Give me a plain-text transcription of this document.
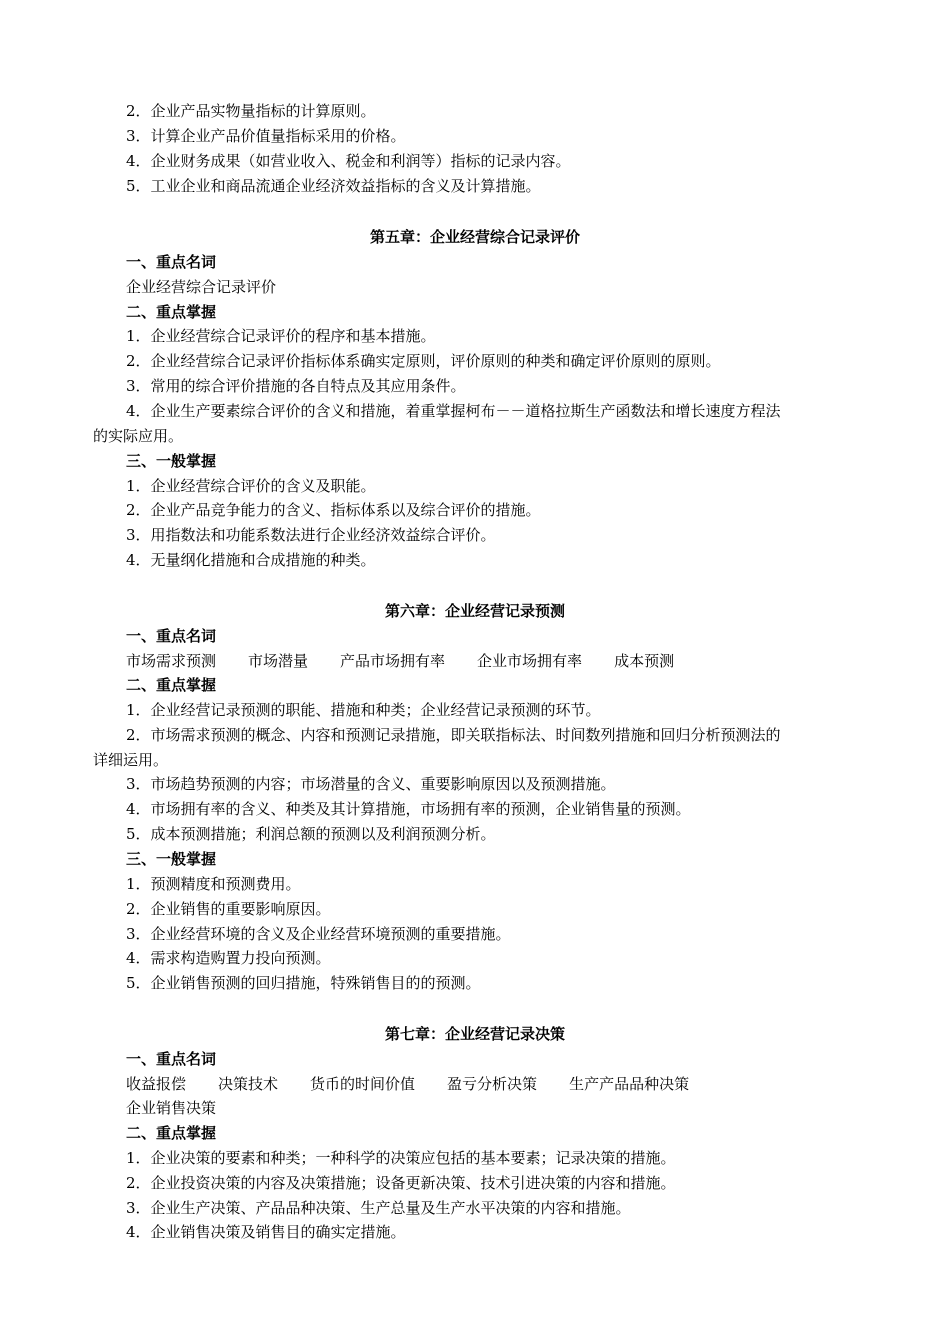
2．企业产品实物量指标的计算原则。
3．计算企业产品价值量指标采用的价格。
4．企业财务成果（如营业收入、税金和利润等）指标的记录内容。
5．工业企业和商品流通企业经济效益指标的含义及计算措施。
第五章：企业经营综合记录评价
一、重点名词
企业经营综合记录评价
二、重点掌握
1．企业经营综合记录评价的程序和基本措施。
2．企业经营综合记录评价指标体系确实定原则，评价原则的种类和确定评价原则的原则。
3．常用的综合评价措施的各自特点及其应用条件。
4．企业生产要素综合评价的含义和措施，着重掌握柯布－－道格拉斯生产函数法和增长速度方程法
的实际应用。
三、一般掌握
1．企业经营综合评价的含义及职能。
2．企业产品竞争能力的含义、指标体系以及综合评价的措施。
3．用指数法和功能系数法进行企业经济效益综合评价。
4．无量纲化措施和合成措施的种类。
第六章：企业经营记录预测
一、重点名词
市场需求预测 市场潜量 产品市场拥有率 企业市场拥有率 成本预测
二、重点掌握
1．企业经营记录预测的职能、措施和种类；企业经营记录预测的环节。
2．市场需求预测的概念、内容和预测记录措施，即关联指标法、时间数列措施和回归分析预测法的
详细运用。
3．市场趋势预测的内容；市场潜量的含义、重要影响原因以及预测措施。
4．市场拥有率的含义、种类及其计算措施，市场拥有率的预测，企业销售量的预测。
5．成本预测措施；利润总额的预测以及利润预测分析。
三、一般掌握
1．预测精度和预测费用。
2．企业销售的重要影响原因。
3．企业经营环境的含义及企业经营环境预测的重要措施。
4．需求构造购置力投向预测。
5．企业销售预测的回归措施，特殊销售目的的预测。
第七章：企业经营记录决策
一、重点名词
收益报偿 决策技术 货币的时间价值 盈亏分析决策 生产产品品种决策
企业销售决策
二、重点掌握
1．企业决策的要素和种类；一种科学的决策应包括的基本要素；记录决策的措施。
2．企业投资决策的内容及决策措施；设备更新决策、技术引进决策的内容和措施。
3．企业生产决策、产品品种决策、生产总量及生产水平决策的内容和措施。
4．企业销售决策及销售目的确实定措施。
